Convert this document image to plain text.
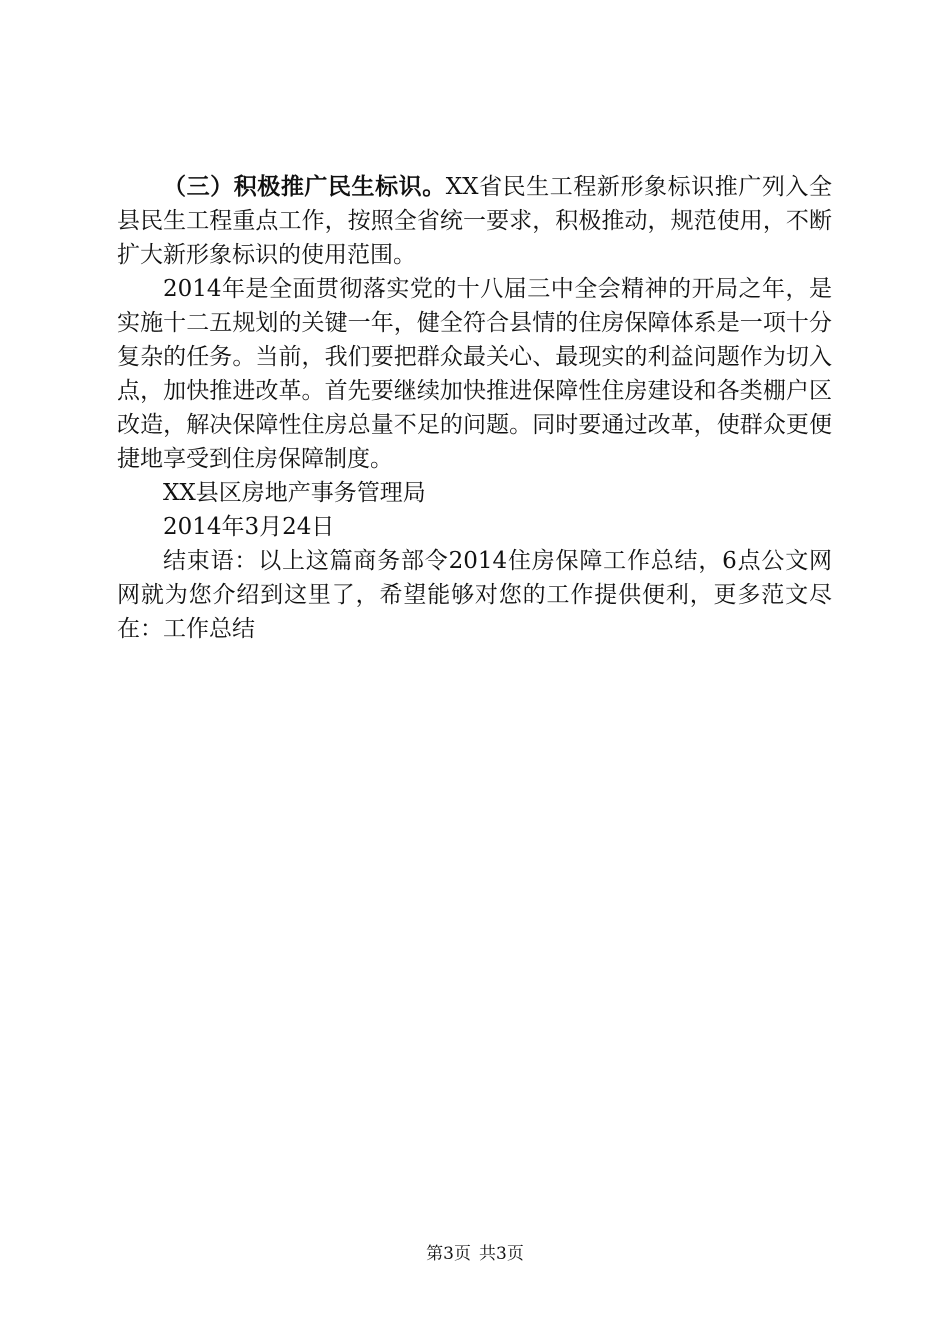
（三）积极推广民生标识。XX省民生工程新形象标识推广列入全县民生工程重点工作，按照全省统一要求，积极推动，规范使用，不断扩大新形象标识的使用范围。

2014年是全面贯彻落实党的十八届三中全会精神的开局之年，是实施十二五规划的关键一年，健全符合县情的住房保障体系是一项十分复杂的任务。当前，我们要把群众最关心、最现实的利益问题作为切入点，加快推进改革。首先要继续加快推进保障性住房建设和各类棚户区改造，解决保障性住房总量不足的问题。同时要通过改革，使群众更便捷地享受到住房保障制度。

XX县区房地产事务管理局

2014年3月24日

结束语：以上这篇商务部令2014住房保障工作总结，6点公文网网就为您介绍到这里了，希望能够对您的工作提供便利，更多范文尽在：工作总结

第3页 共3页
